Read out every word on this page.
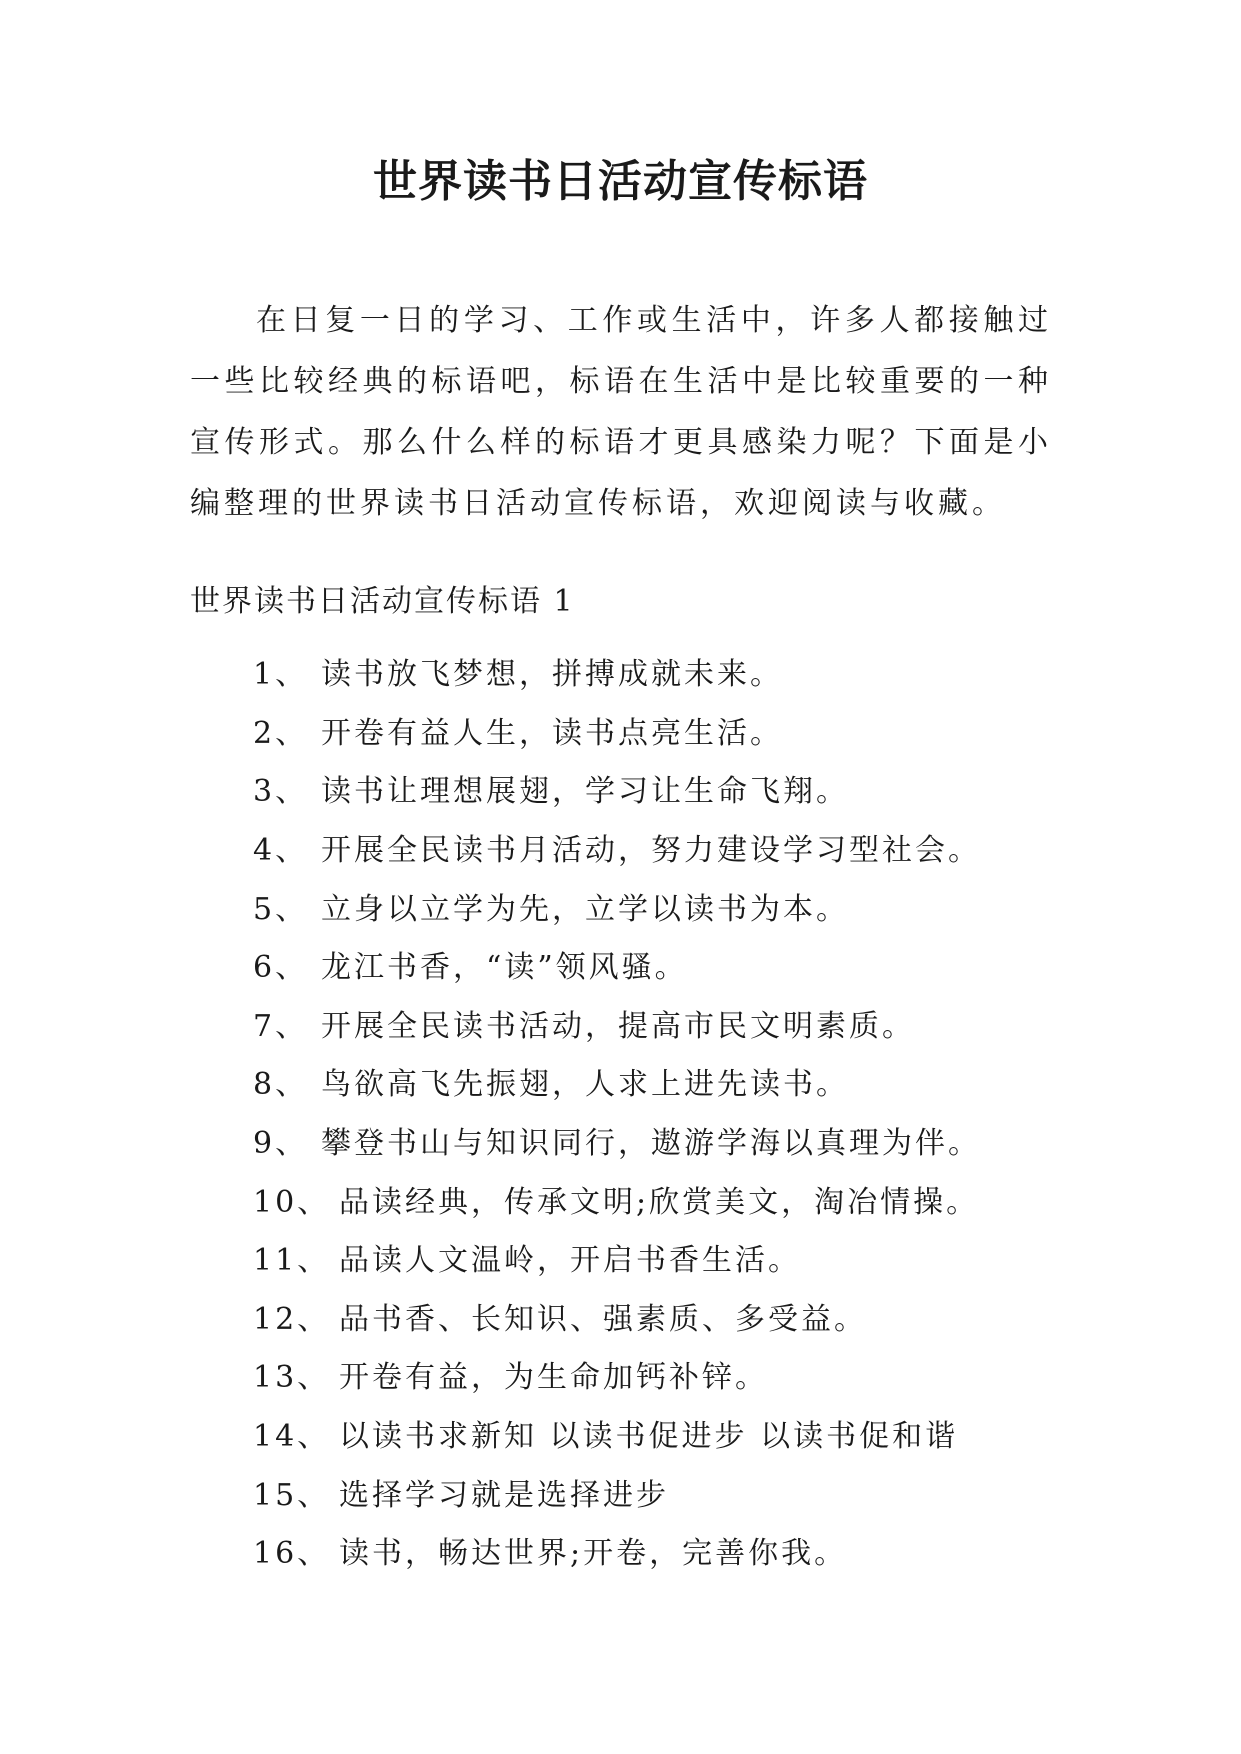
世界读书日活动宣传标语

在日复一日的学习、工作或生活中，许多人都接触过一些比较经典的标语吧，标语在生活中是比较重要的一种宣传形式。那么什么样的标语才更具感染力呢？下面是小编整理的世界读书日活动宣传标语，欢迎阅读与收藏。

世界读书日活动宣传标语 1
1、 读书放飞梦想，拼搏成就未来。
2、 开卷有益人生，读书点亮生活。
3、 读书让理想展翅，学习让生命飞翔。
4、 开展全民读书月活动，努力建设学习型社会。
5、 立身以立学为先，立学以读书为本。
6、 龙江书香，“读”领风骚。
7、 开展全民读书活动，提高市民文明素质。
8、 鸟欲高飞先振翅，人求上进先读书。
9、 攀登书山与知识同行，遨游学海以真理为伴。
10、 品读经典，传承文明;欣赏美文，淘冶情操。
11、 品读人文温岭，开启书香生活。
12、 品书香、长知识、强素质、多受益。
13、 开卷有益，为生命加钙补锌。
14、 以读书求新知 以读书促进步 以读书促和谐
15、 选择学习就是选择进步
16、 读书，畅达世界;开卷，完善你我。
